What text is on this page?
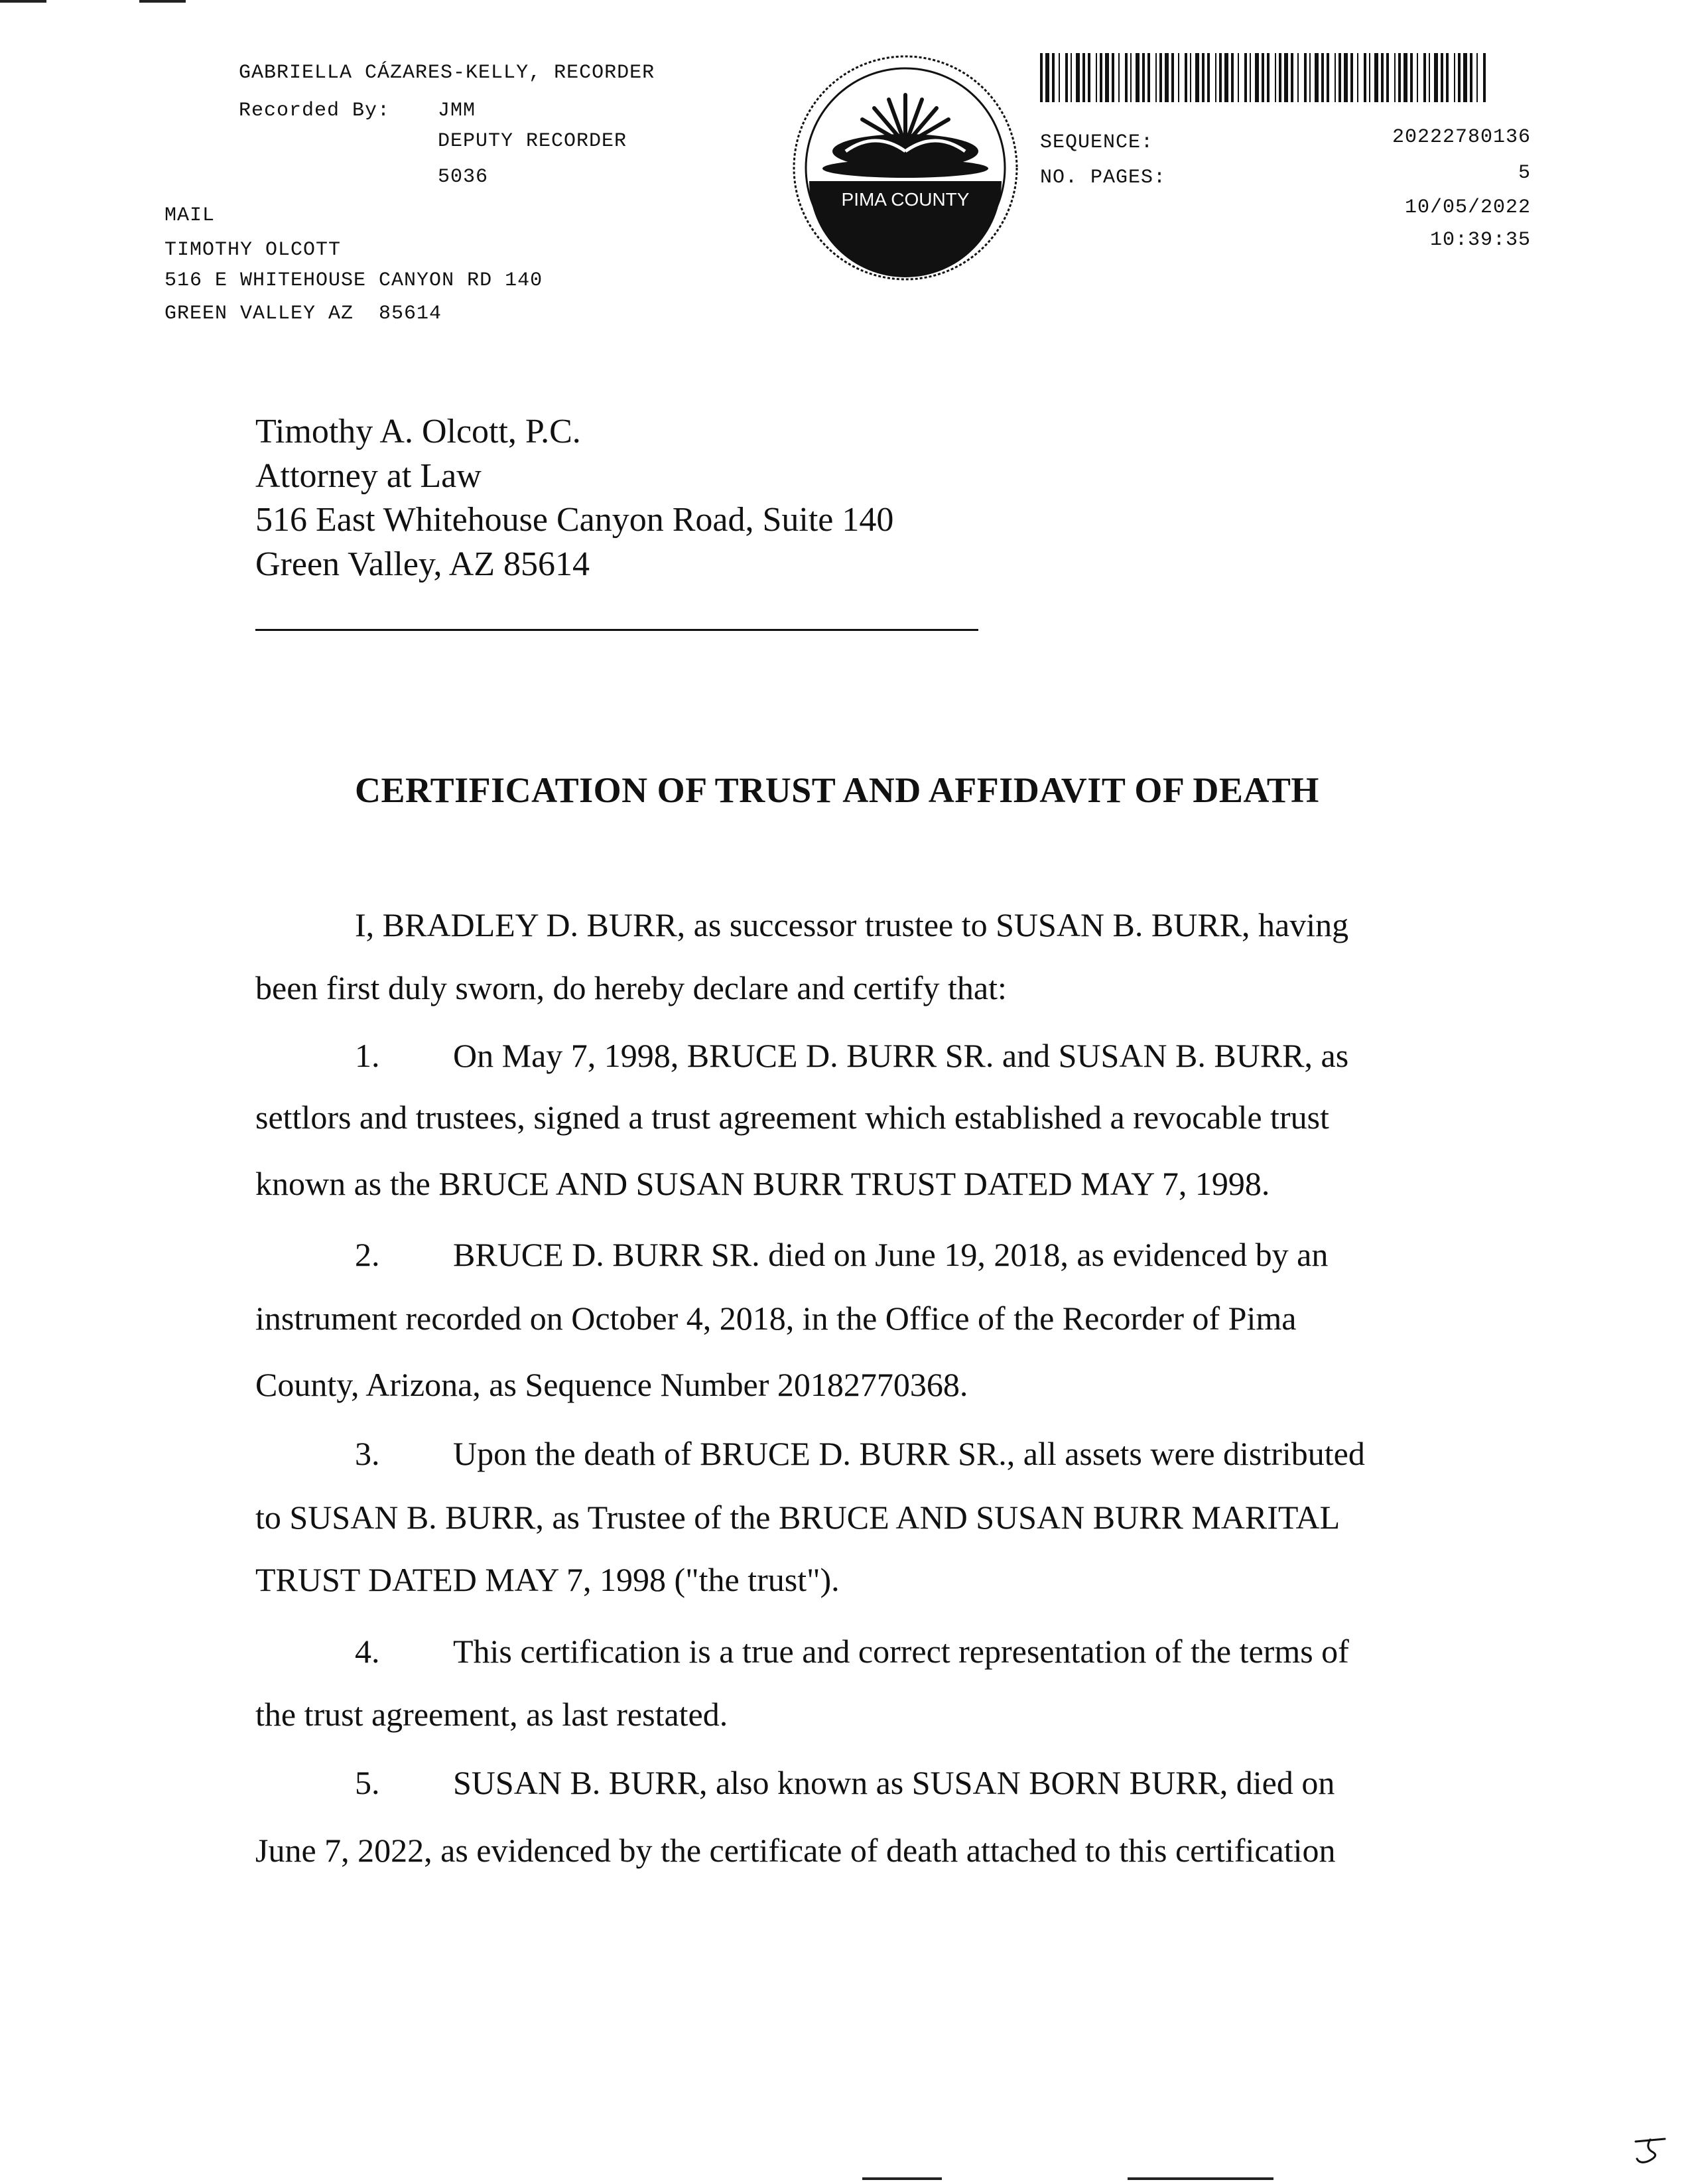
GABRIELLA CÁZARES-KELLY, RECORDER
Recorded By: JMM
DEPUTY RECORDER
5036
MAIL
TIMOTHY OLCOTT
516 E WHITEHOUSE CANYON RD 140
GREEN VALLEY AZ  85614
PIMA COUNTY
SEQUENCE:	20222780136
NO. PAGES:	5
10/05/2022
10:39:35
Timothy A. Olcott, P.C.
Attorney at Law
516 East Whitehouse Canyon Road, Suite 140
Green Valley, AZ 85614
CERTIFICATION OF TRUST AND AFFIDAVIT OF DEATH
I, BRADLEY D. BURR, as successor trustee to SUSAN B. BURR, having
been first duly sworn, do hereby declare and certify that:
1. On May 7, 1998, BRUCE D. BURR SR. and SUSAN B. BURR, as
settlors and trustees, signed a trust agreement which established a revocable trust
known as the BRUCE AND SUSAN BURR TRUST DATED MAY 7, 1998.
2. BRUCE D. BURR SR. died on June 19, 2018, as evidenced by an
instrument recorded on October 4, 2018, in the Office of the Recorder of Pima
County, Arizona, as Sequence Number 20182770368.
3. Upon the death of BRUCE D. BURR SR., all assets were distributed
to SUSAN B. BURR, as Trustee of the BRUCE AND SUSAN BURR MARITAL
TRUST DATED MAY 7, 1998 ("the trust").
4. This certification is a true and correct representation of the terms of
the trust agreement, as last restated.
5. SUSAN B. BURR, also known as SUSAN BORN BURR, died on
June 7, 2022, as evidenced by the certificate of death attached to this certification
